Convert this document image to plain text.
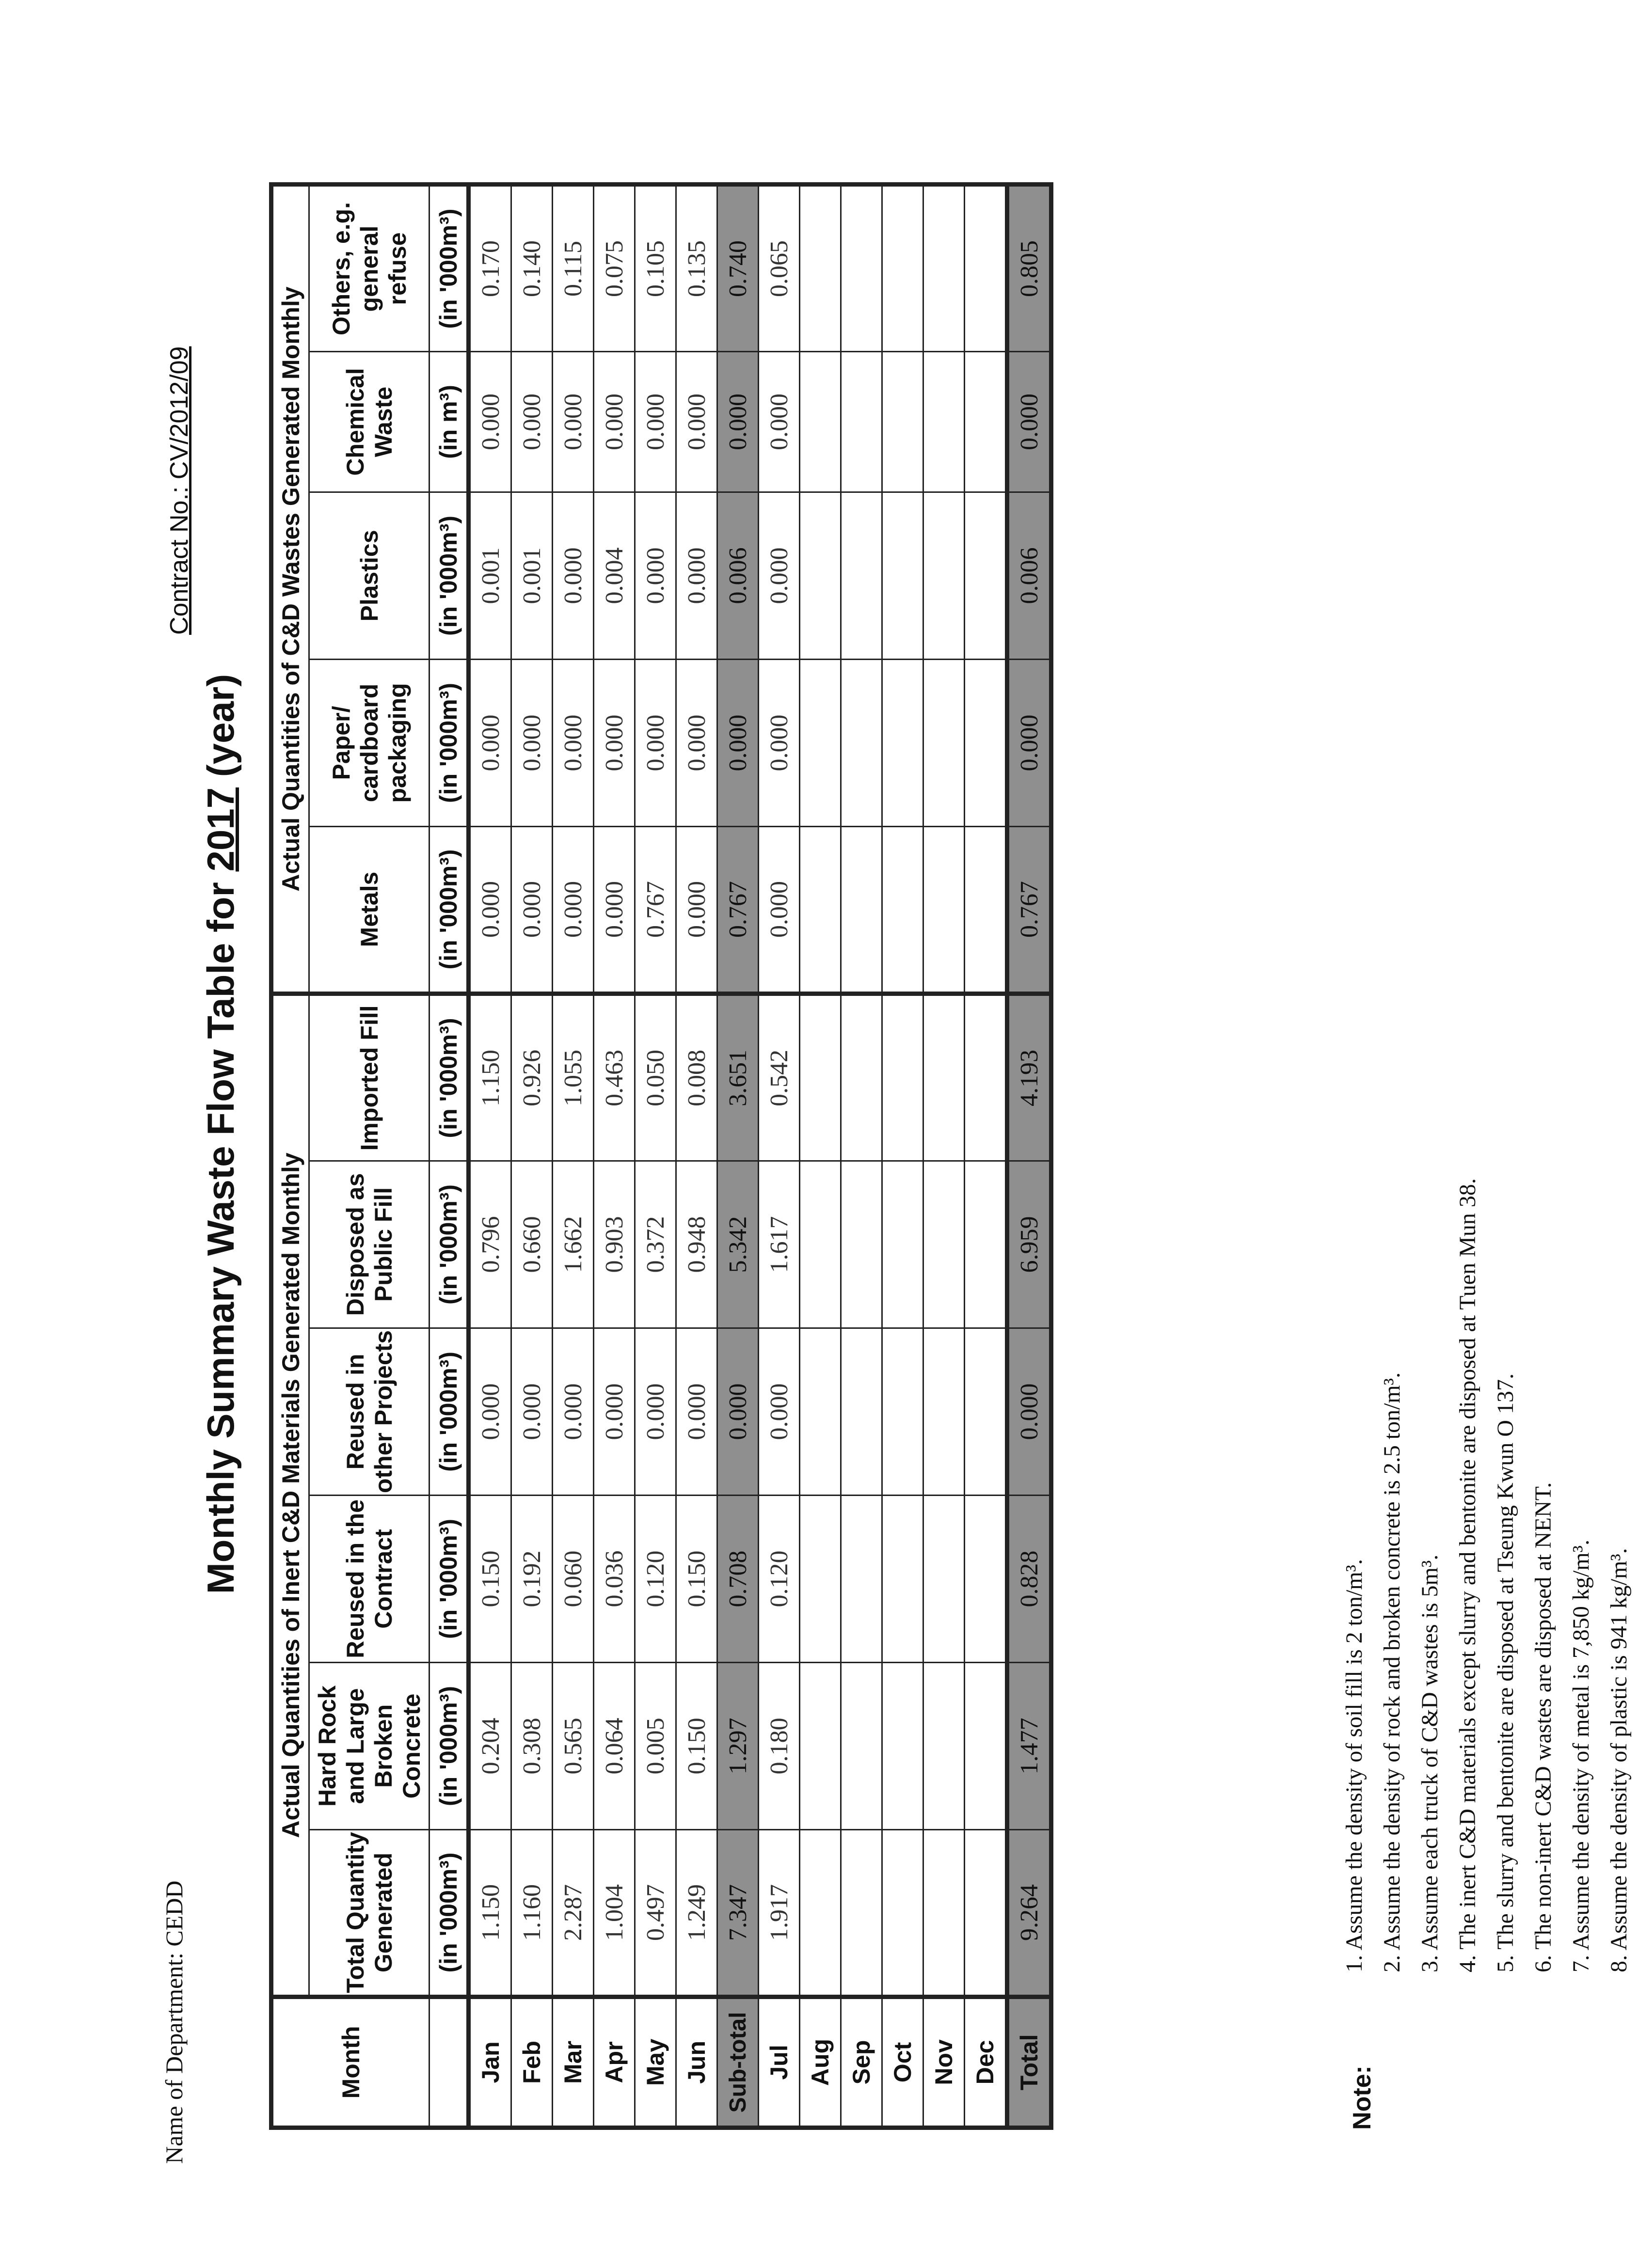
Name of Department: CEDD
Contract No.: CV/2012/09
Monthly Summary Waste Flow Table for 2017 (year)
Month	Actual Quantities of Inert C&D Materials Generated Monthly						Actual Quantities of C&D Wastes Generated Monthly				
	Total Quantity Generated	Hard Rock and Large Broken Concrete	Reused in the Contract	Reused in other Projects	Disposed as Public Fill	Imported Fill	Metals	Paper/ cardboard packaging	Plastics	Chemical Waste	Others, e.g. general refuse
	(in '000m³)	(in '000m³)	(in '000m³)	(in '000m³)	(in '000m³)	(in '000m³)	(in '000m³)	(in '000m³)	(in '000m³)	(in m³)	(in '000m³)
Jan	1.150	0.204	0.150	0.000	0.796	1.150	0.000	0.000	0.001	0.000	0.170
Feb	1.160	0.308	0.192	0.000	0.660	0.926	0.000	0.000	0.001	0.000	0.140
Mar	2.287	0.565	0.060	0.000	1.662	1.055	0.000	0.000	0.000	0.000	0.115
Apr	1.004	0.064	0.036	0.000	0.903	0.463	0.000	0.000	0.004	0.000	0.075
May	0.497	0.005	0.120	0.000	0.372	0.050	0.767	0.000	0.000	0.000	0.105
Jun	1.249	0.150	0.150	0.000	0.948	0.008	0.000	0.000	0.000	0.000	0.135
Sub-total	7.347	1.297	0.708	0.000	5.342	3.651	0.767	0.000	0.006	0.000	0.740
Jul	1.917	0.180	0.120	0.000	1.617	0.542	0.000	0.000	0.000	0.000	0.065
Aug											
Sep											
Oct											
Nov											
Dec											
Total	9.264	1.477	0.828	0.000	6.959	4.193	0.767	0.000	0.006	0.000	0.805
Note:
1. Assume the density of soil fill is 2 ton/m³. 2. Assume the density of rock and broken concrete is 2.5 ton/m³. 3. Assume each truck of C&D wastes is 5m³. 4. The inert C&D materials except slurry and bentonite are disposed at Tuen Mun 38. 5. The slurry and bentonite are disposed at Tseung Kwun O 137. 6. The non-inert C&D wastes are disposed at NENT. 7. Assume the density of metal is 7,850 kg/m³. 8. Assume the density of plastic is 941 kg/m³.
